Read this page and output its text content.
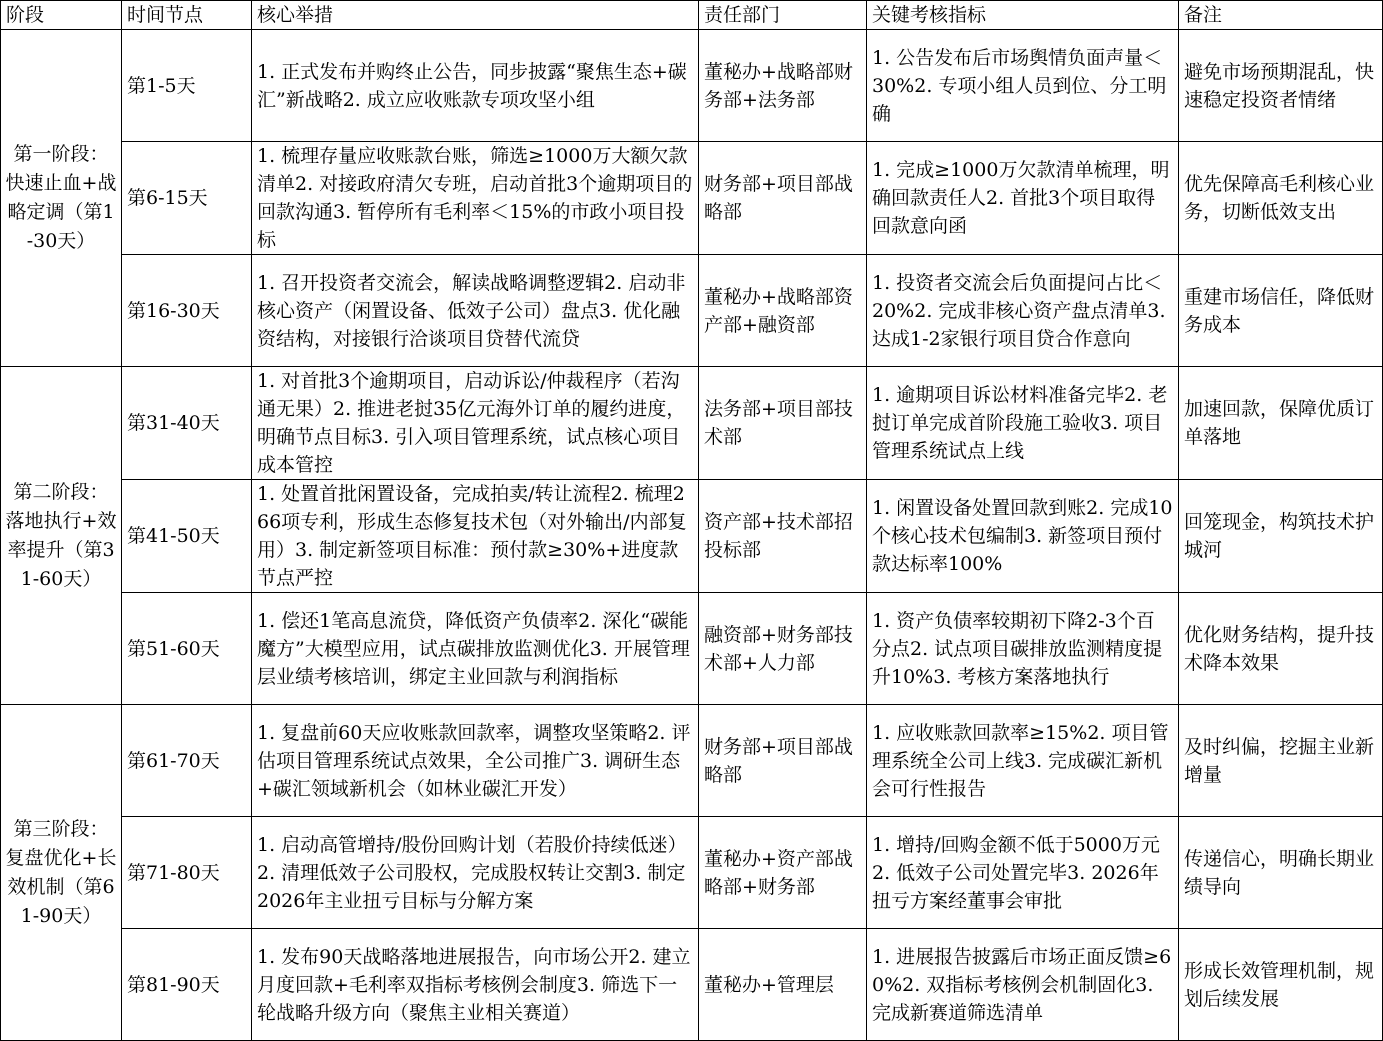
阶段	时间节点	核心举措	责任部门	关键考核指标	备注
第一阶段：快速止血+战略定调（第1-30天）	第1-5天	1. 正式发布并购终止公告，同步披露“聚焦生态+碳汇”新战略2. 成立应收账款专项攻坚小组	董秘办+战略部财务部+法务部	1. 公告发布后市场舆情负面声量＜30%2. 专项小组人员到位、分工明确	避免市场预期混乱，快速稳定投资者情绪
	第6-15天	1. 梳理存量应收账款台账，筛选≥1000万大额欠款清单2. 对接政府清欠专班，启动首批3个逾期项目的回款沟通3. 暂停所有毛利率＜15%的市政小项目投标	财务部+项目部战略部	1. 完成≥1000万欠款清单梳理，明确回款责任人2. 首批3个项目取得回款意向函	优先保障高毛利核心业务，切断低效支出
	第16-30天	1. 召开投资者交流会，解读战略调整逻辑2. 启动非核心资产（闲置设备、低效子公司）盘点3. 优化融资结构，对接银行洽谈项目贷替代流贷	董秘办+战略部资产部+融资部	1. 投资者交流会后负面提问占比＜20%2. 完成非核心资产盘点清单3. 达成1-2家银行项目贷合作意向	重建市场信任，降低财务成本
第二阶段：落地执行+效率提升（第31-60天）	第31-40天	1. 对首批3个逾期项目，启动诉讼/仲裁程序（若沟通无果）2. 推进老挝35亿元海外订单的履约进度，明确节点目标3. 引入项目管理系统，试点核心项目成本管控	法务部+项目部技术部	1. 逾期项目诉讼材料准备完毕2. 老挝订单完成首阶段施工验收3. 项目管理系统试点上线	加速回款，保障优质订单落地
	第41-50天	1. 处置首批闲置设备，完成拍卖/转让流程2. 梳理266项专利，形成生态修复技术包（对外输出/内部复用）3. 制定新签项目标准：预付款≥30%+进度款节点严控	资产部+技术部招投标部	1. 闲置设备处置回款到账2. 完成10个核心技术包编制3. 新签项目预付款达标率100%	回笼现金，构筑技术护城河
	第51-60天	1. 偿还1笔高息流贷，降低资产负债率2. 深化“碳能魔方”大模型应用，试点碳排放监测优化3. 开展管理层业绩考核培训，绑定主业回款与利润指标	融资部+财务部技术部+人力部	1. 资产负债率较期初下降2-3个百分点2. 试点项目碳排放监测精度提升10%3. 考核方案落地执行	优化财务结构，提升技术降本效果
第三阶段：复盘优化+长效机制（第61-90天）	第61-70天	1. 复盘前60天应收账款回款率，调整攻坚策略2. 评估项目管理系统试点效果，全公司推广3. 调研生态+碳汇领域新机会（如林业碳汇开发）	财务部+项目部战略部	1. 应收账款回款率≥15%2. 项目管理系统全公司上线3. 完成碳汇新机会可行性报告	及时纠偏，挖掘主业新增量
	第71-80天	1. 启动高管增持/股份回购计划（若股价持续低迷）2. 清理低效子公司股权，完成股权转让交割3. 制定2026年主业扭亏目标与分解方案	董秘办+资产部战略部+财务部	1. 增持/回购金额不低于5000万元2. 低效子公司处置完毕3. 2026年扭亏方案经董事会审批	传递信心，明确长期业绩导向
	第81-90天	1. 发布90天战略落地进展报告，向市场公开2. 建立月度回款+毛利率双指标考核例会制度3. 筛选下一轮战略升级方向（聚焦主业相关赛道）	董秘办+管理层	1. 进展报告披露后市场正面反馈≥60%2. 双指标考核例会机制固化3. 完成新赛道筛选清单	形成长效管理机制，规划后续发展
